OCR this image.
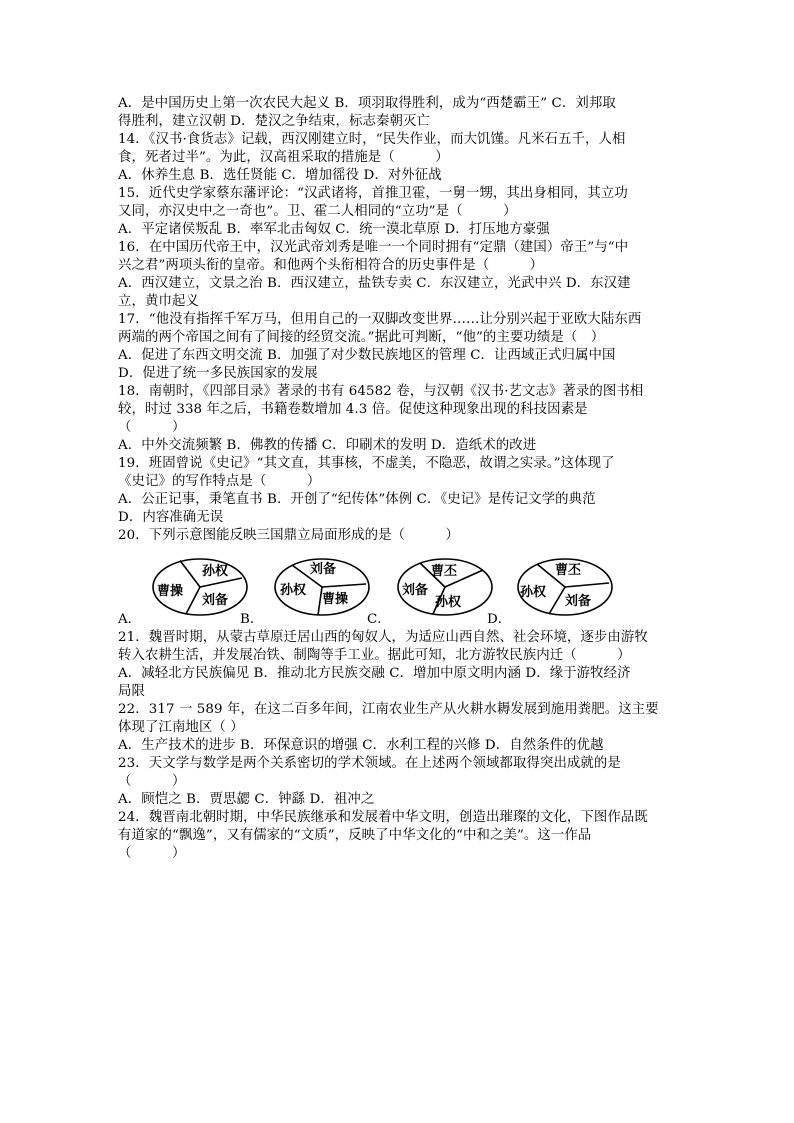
A．是中国历史上第一次农民大起义 B．项羽取得胜利，成为“西楚霸王” C．刘邦取
得胜利，建立汉朝 D．楚汉之争结束，标志秦朝灭亡
14．《汉书·食货志》记载，西汉刚建立时，“民失作业，而大饥馑。凡米石五千，人相
食，死者过半”。为此，汉高祖采取的措施是（　　　）
A．休养生息 B．选任贤能 C．增加徭役 D．对外征战
15．近代史学家蔡东藩评论：“汉武诸将，首推卫霍，一舅一甥，其出身相同，其立功
又同，亦汉史中之一奇也”。卫、霍二人相同的“立功”是（　　　）
A．平定诸侯叛乱 B．率军北击匈奴 C．统一漠北草原 D．打压地方豪强
16．在中国历代帝王中，汉光武帝刘秀是唯一一个同时拥有“定鼎（建国）帝王”与“中
兴之君”两项头衔的皇帝。和他两个头衔相符合的历史事件是（　　　）
A．西汉建立，文景之治 B．西汉建立，盐铁专卖 C．东汉建立，光武中兴 D．东汉建
立，黄巾起义
17．“他没有指挥千军万马，但用自己的一双脚改变世界……让分别兴起于亚欧大陆东西
两端的两个帝国之间有了间接的经贸交流。”据此可判断，“他”的主要功绩是（　）
A．促进了东西文明交流 B．加强了对少数民族地区的管理 C．让西域正式归属中国
D．促进了统一多民族国家的发展
18．南朝时，《四部目录》著录的书有 64582 卷，与汉朝《汉书·艺文志》著录的图书相
较，时过 338 年之后，书籍卷数增加 4.3 倍。促使这种现象出现的科技因素是
（　　　）
A．中外交流频繁 B．佛教的传播 C．印刷术的发明 D．造纸术的改进
19．班固曾说《史记》“其文直，其事核，不虚美，不隐恶，故谓之实录。”这体现了
《史记》的写作特点是（　　　）
A．公正记事，秉笔直书 B．开创了“纪传体”体例 C．《史记》是传记文学的典范
D．内容准确无误
20．下列示意图能反映三国鼎立局面形成的是（　　　）
孙权
曹操
刘备
A．
刘备
孙权
曹操
B．
曹丕
刘备
孙权
C．
曹丕
孙权
刘备
D．
21．魏晋时期，从蒙古草原迁居山西的匈奴人，为适应山西自然、社会环境，逐步由游牧
转入农耕生活，并发展冶铁、制陶等手工业。据此可知，北方游牧民族内迁（　　　）
A．减轻北方民族偏见 B．推动北方民族交融 C．增加中原文明内涵 D．缘于游牧经济
局限
22．317 一 589 年，在这二百多年间，江南农业生产从火耕水耨发展到施用粪肥。这主要
体现了江南地区（ ）
A．生产技术的进步 B．环保意识的增强 C．水利工程的兴修 D．自然条件的优越
23．天文学与数学是两个关系密切的学术领域。在上述两个领域都取得突出成就的是
（　　　）
A．顾恺之 B．贾思勰 C．钟繇 D．祖冲之
24．魏晋南北朝时期，中华民族继承和发展着中华文明，创造出璀璨的文化，下图作品既
有道家的“飘逸”，又有儒家的“文质”，反映了中华文化的“中和之美”。这一作品
（　　　）
